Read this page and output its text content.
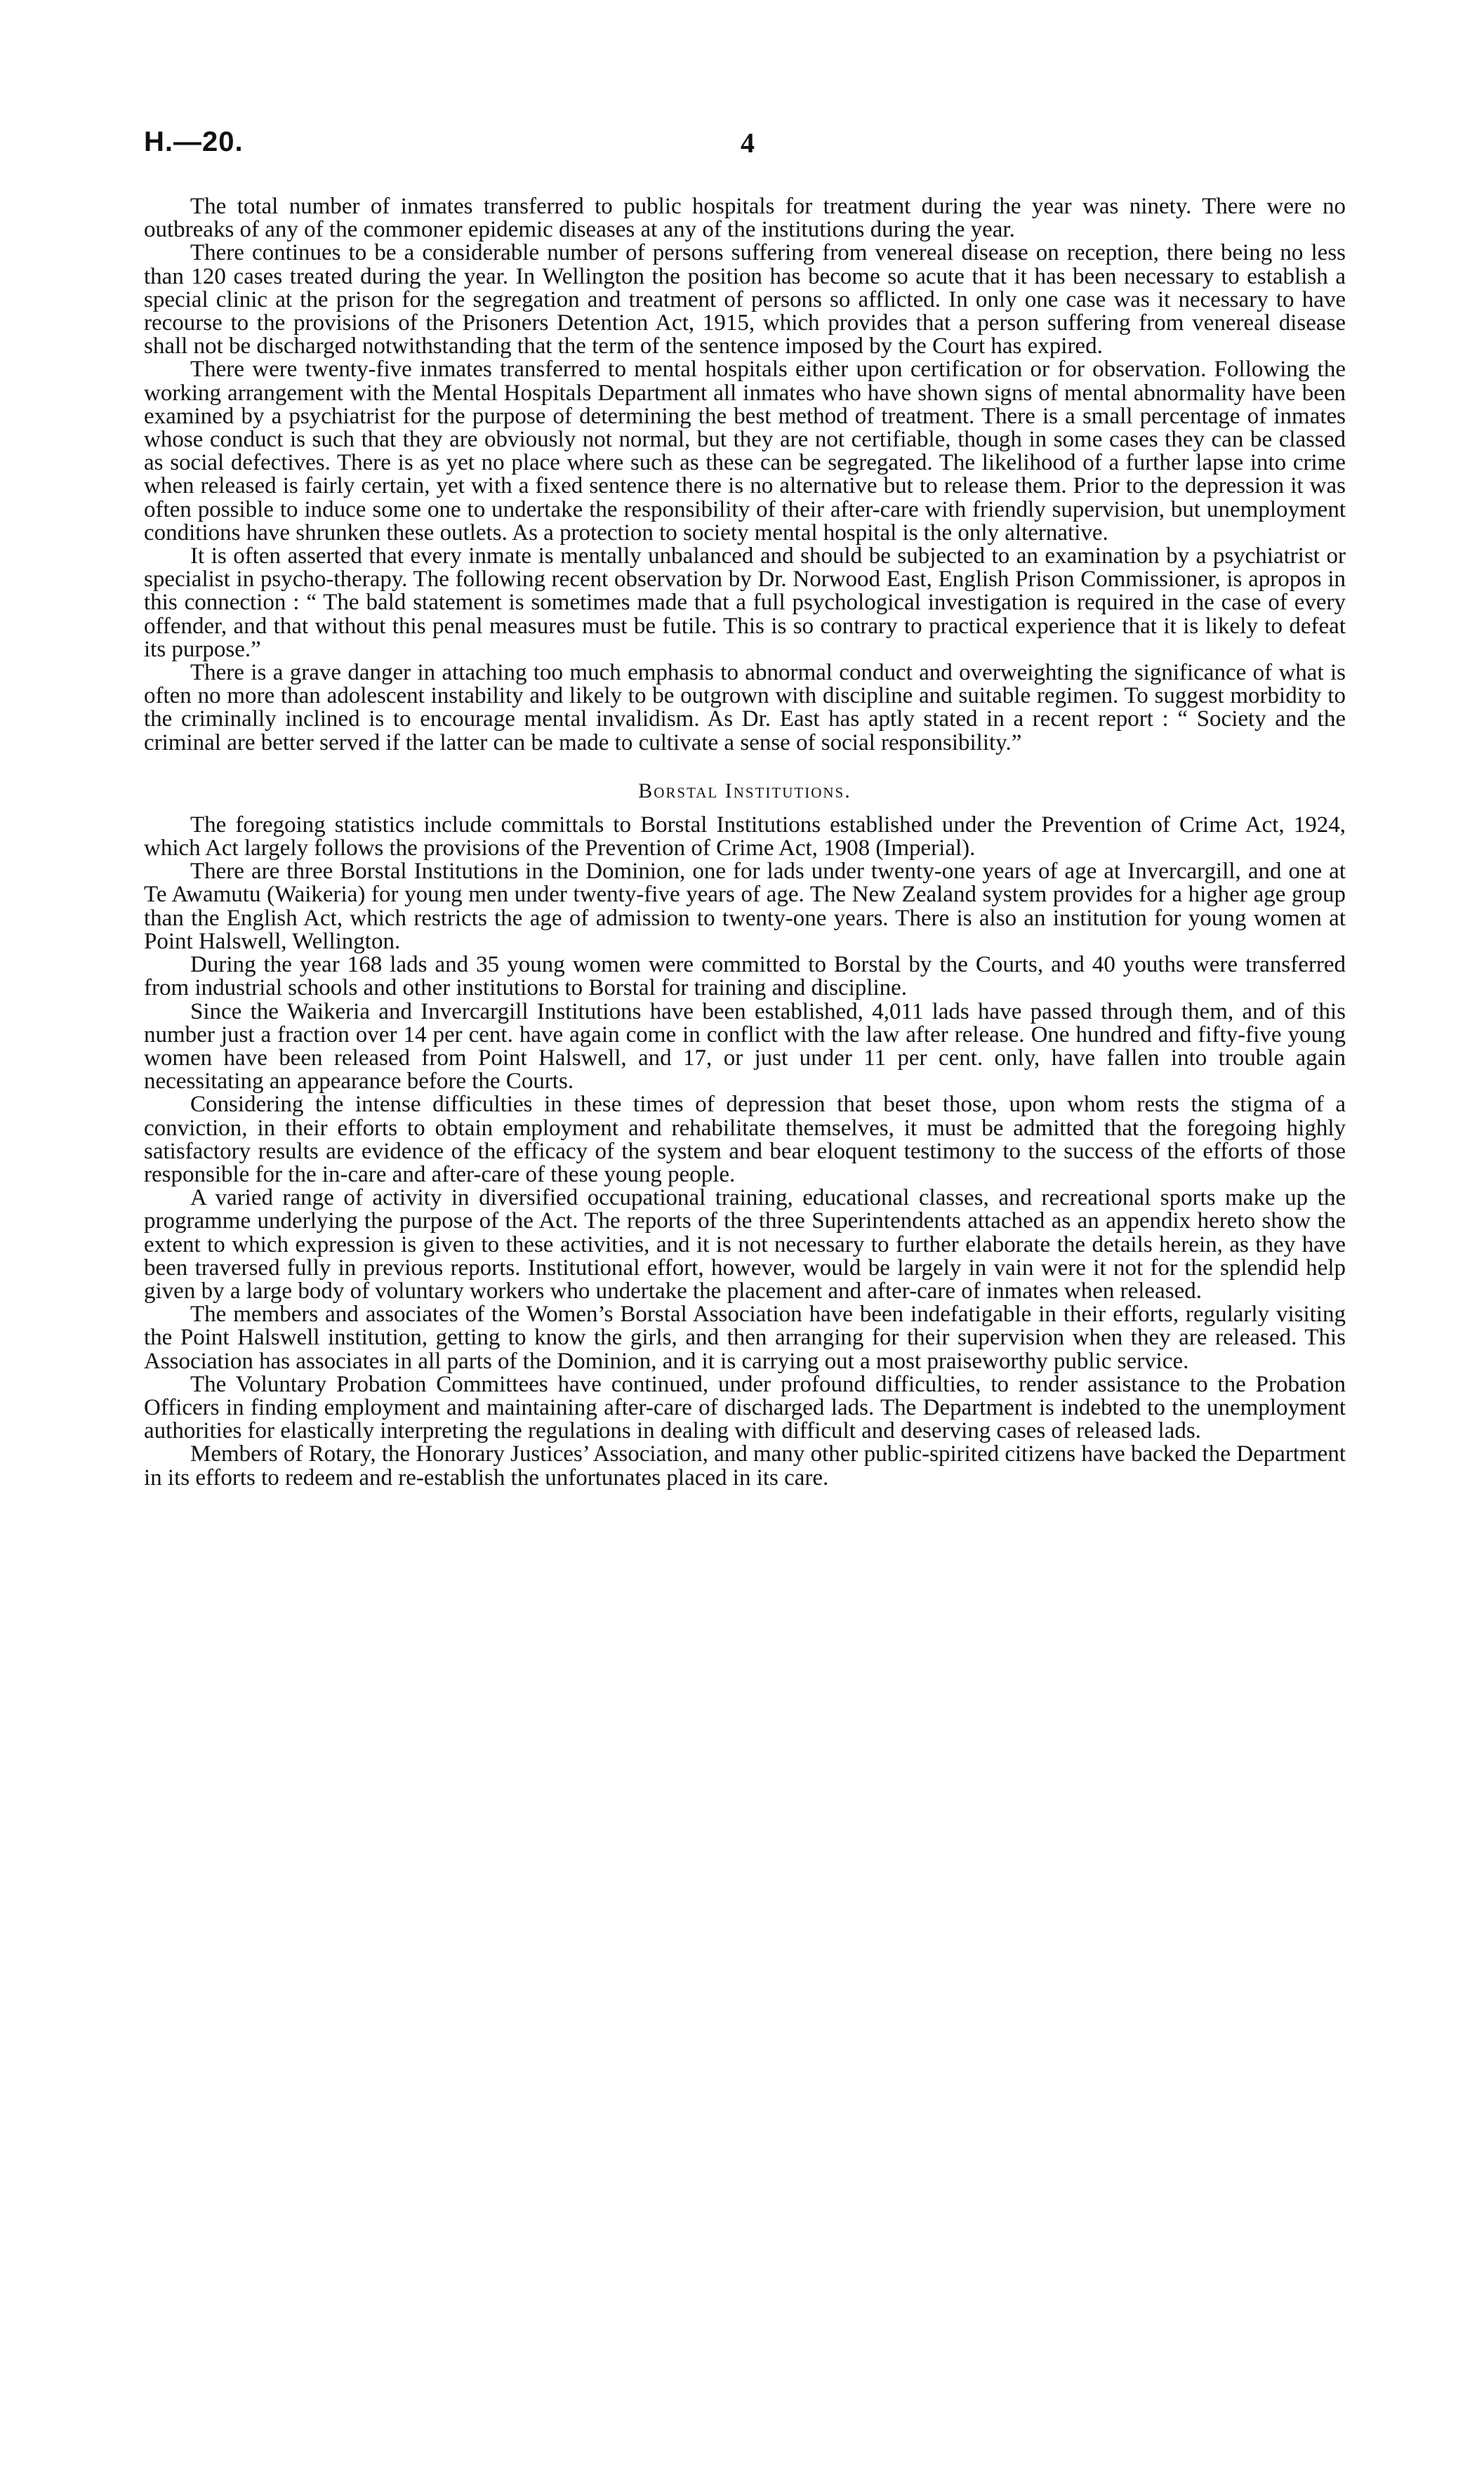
H.—20.	4

The total number of inmates transferred to public hospitals for treatment during the year was ninety. There were no outbreaks of any of the commoner epidemic diseases at any of the institutions during the year.

There continues to be a considerable number of persons suffering from venereal disease on reception, there being no less than 120 cases treated during the year. In Wellington the position has become so acute that it has been necessary to establish a special clinic at the prison for the segregation and treatment of persons so afflicted. In only one case was it necessary to have recourse to the provisions of the Prisoners Detention Act, 1915, which provides that a person suffering from venereal disease shall not be discharged notwithstanding that the term of the sentence imposed by the Court has expired.

There were twenty-five inmates transferred to mental hospitals either upon certification or for observation. Following the working arrangement with the Mental Hospitals Department all inmates who have shown signs of mental abnormality have been examined by a psychiatrist for the purpose of determining the best method of treatment. There is a small percentage of inmates whose conduct is such that they are obviously not normal, but they are not certifiable, though in some cases they can be classed as social defectives. There is as yet no place where such as these can be segregated. The likelihood of a further lapse into crime when released is fairly certain, yet with a fixed sentence there is no alternative but to release them. Prior to the depression it was often possible to induce some one to undertake the responsibility of their after-care with friendly supervision, but unemployment conditions have shrunken these outlets. As a protection to society mental hospital is the only alternative.

It is often asserted that every inmate is mentally unbalanced and should be subjected to an examination by a psychiatrist or specialist in psycho-therapy. The following recent observation by Dr. Norwood East, English Prison Commissioner, is apropos in this connection : “ The bald statement is sometimes made that a full psychological investigation is required in the case of every offender, and that without this penal measures must be futile. This is so contrary to practical experience that it is likely to defeat its purpose.”

There is a grave danger in attaching too much emphasis to abnormal conduct and overweighting the significance of what is often no more than adolescent instability and likely to be outgrown with discipline and suitable regimen. To suggest morbidity to the criminally inclined is to encourage mental invalidism. As Dr. East has aptly stated in a recent report : “ Society and the criminal are better served if the latter can be made to cultivate a sense of social responsibility.”

Borstal Institutions.

The foregoing statistics include committals to Borstal Institutions established under the Prevention of Crime Act, 1924, which Act largely follows the provisions of the Prevention of Crime Act, 1908 (Imperial).

There are three Borstal Institutions in the Dominion, one for lads under twenty-one years of age at Invercargill, and one at Te Awamutu (Waikeria) for young men under twenty-five years of age. The New Zealand system provides for a higher age group than the English Act, which restricts the age of admission to twenty-one years. There is also an institution for young women at Point Halswell, Wellington.

During the year 168 lads and 35 young women were committed to Borstal by the Courts, and 40 youths were transferred from industrial schools and other institutions to Borstal for training and discipline.

Since the Waikeria and Invercargill Institutions have been established, 4,011 lads have passed through them, and of this number just a fraction over 14 per cent. have again come in conflict with the law after release. One hundred and fifty-five young women have been released from Point Halswell, and 17, or just under 11 per cent. only, have fallen into trouble again necessitating an appearance before the Courts.

Considering the intense difficulties in these times of depression that beset those, upon whom rests the stigma of a conviction, in their efforts to obtain employment and rehabilitate themselves, it must be admitted that the foregoing highly satisfactory results are evidence of the efficacy of the system and bear eloquent testimony to the success of the efforts of those responsible for the in-care and after-care of these young people.

A varied range of activity in diversified occupational training, educational classes, and recreational sports make up the programme underlying the purpose of the Act. The reports of the three Superintendents attached as an appendix hereto show the extent to which expression is given to these activities, and it is not necessary to further elaborate the details herein, as they have been traversed fully in previous reports. Institutional effort, however, would be largely in vain were it not for the splendid help given by a large body of voluntary workers who undertake the placement and after-care of inmates when released.

The members and associates of the Women’s Borstal Association have been indefatigable in their efforts, regularly visiting the Point Halswell institution, getting to know the girls, and then arranging for their supervision when they are released. This Association has associates in all parts of the Dominion, and it is carrying out a most praiseworthy public service.

The Voluntary Probation Committees have continued, under profound difficulties, to render assistance to the Probation Officers in finding employment and maintaining after-care of discharged lads. The Department is indebted to the unemployment authorities for elastically interpreting the regulations in dealing with difficult and deserving cases of released lads.

Members of Rotary, the Honorary Justices’ Association, and many other public-spirited citizens have backed the Department in its efforts to redeem and re-establish the unfortunates placed in its care.
